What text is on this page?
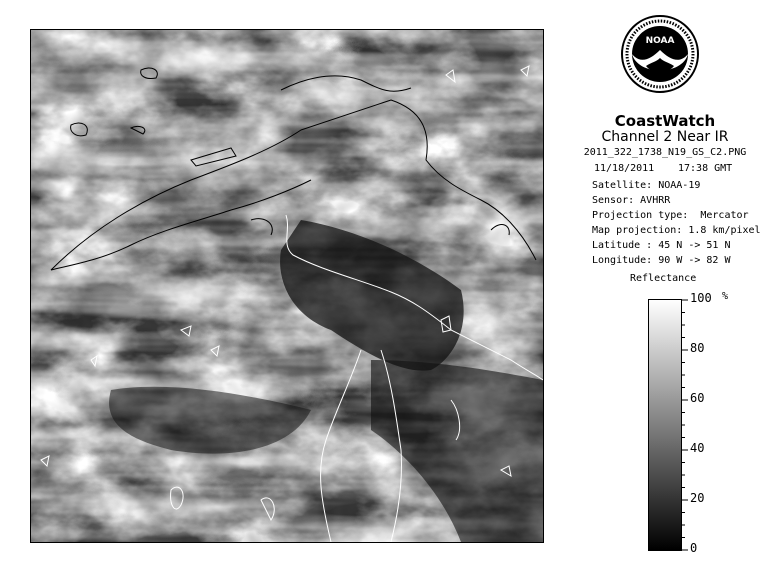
NOAA
CoastWatch
Channel 2 Near IR
2011_322_1738_N19_GS_C2.PNG
11/18/2011 17:38 GMT
Satellite: NOAA-19
Sensor: AVHRR
Projection type:  Mercator
Map projection: 1.8 km/pixel
Latitude : 45 N -> 51 N
Longitude: 90 W -> 82 W
Reflectance
%
100
80
60
40
20
0
